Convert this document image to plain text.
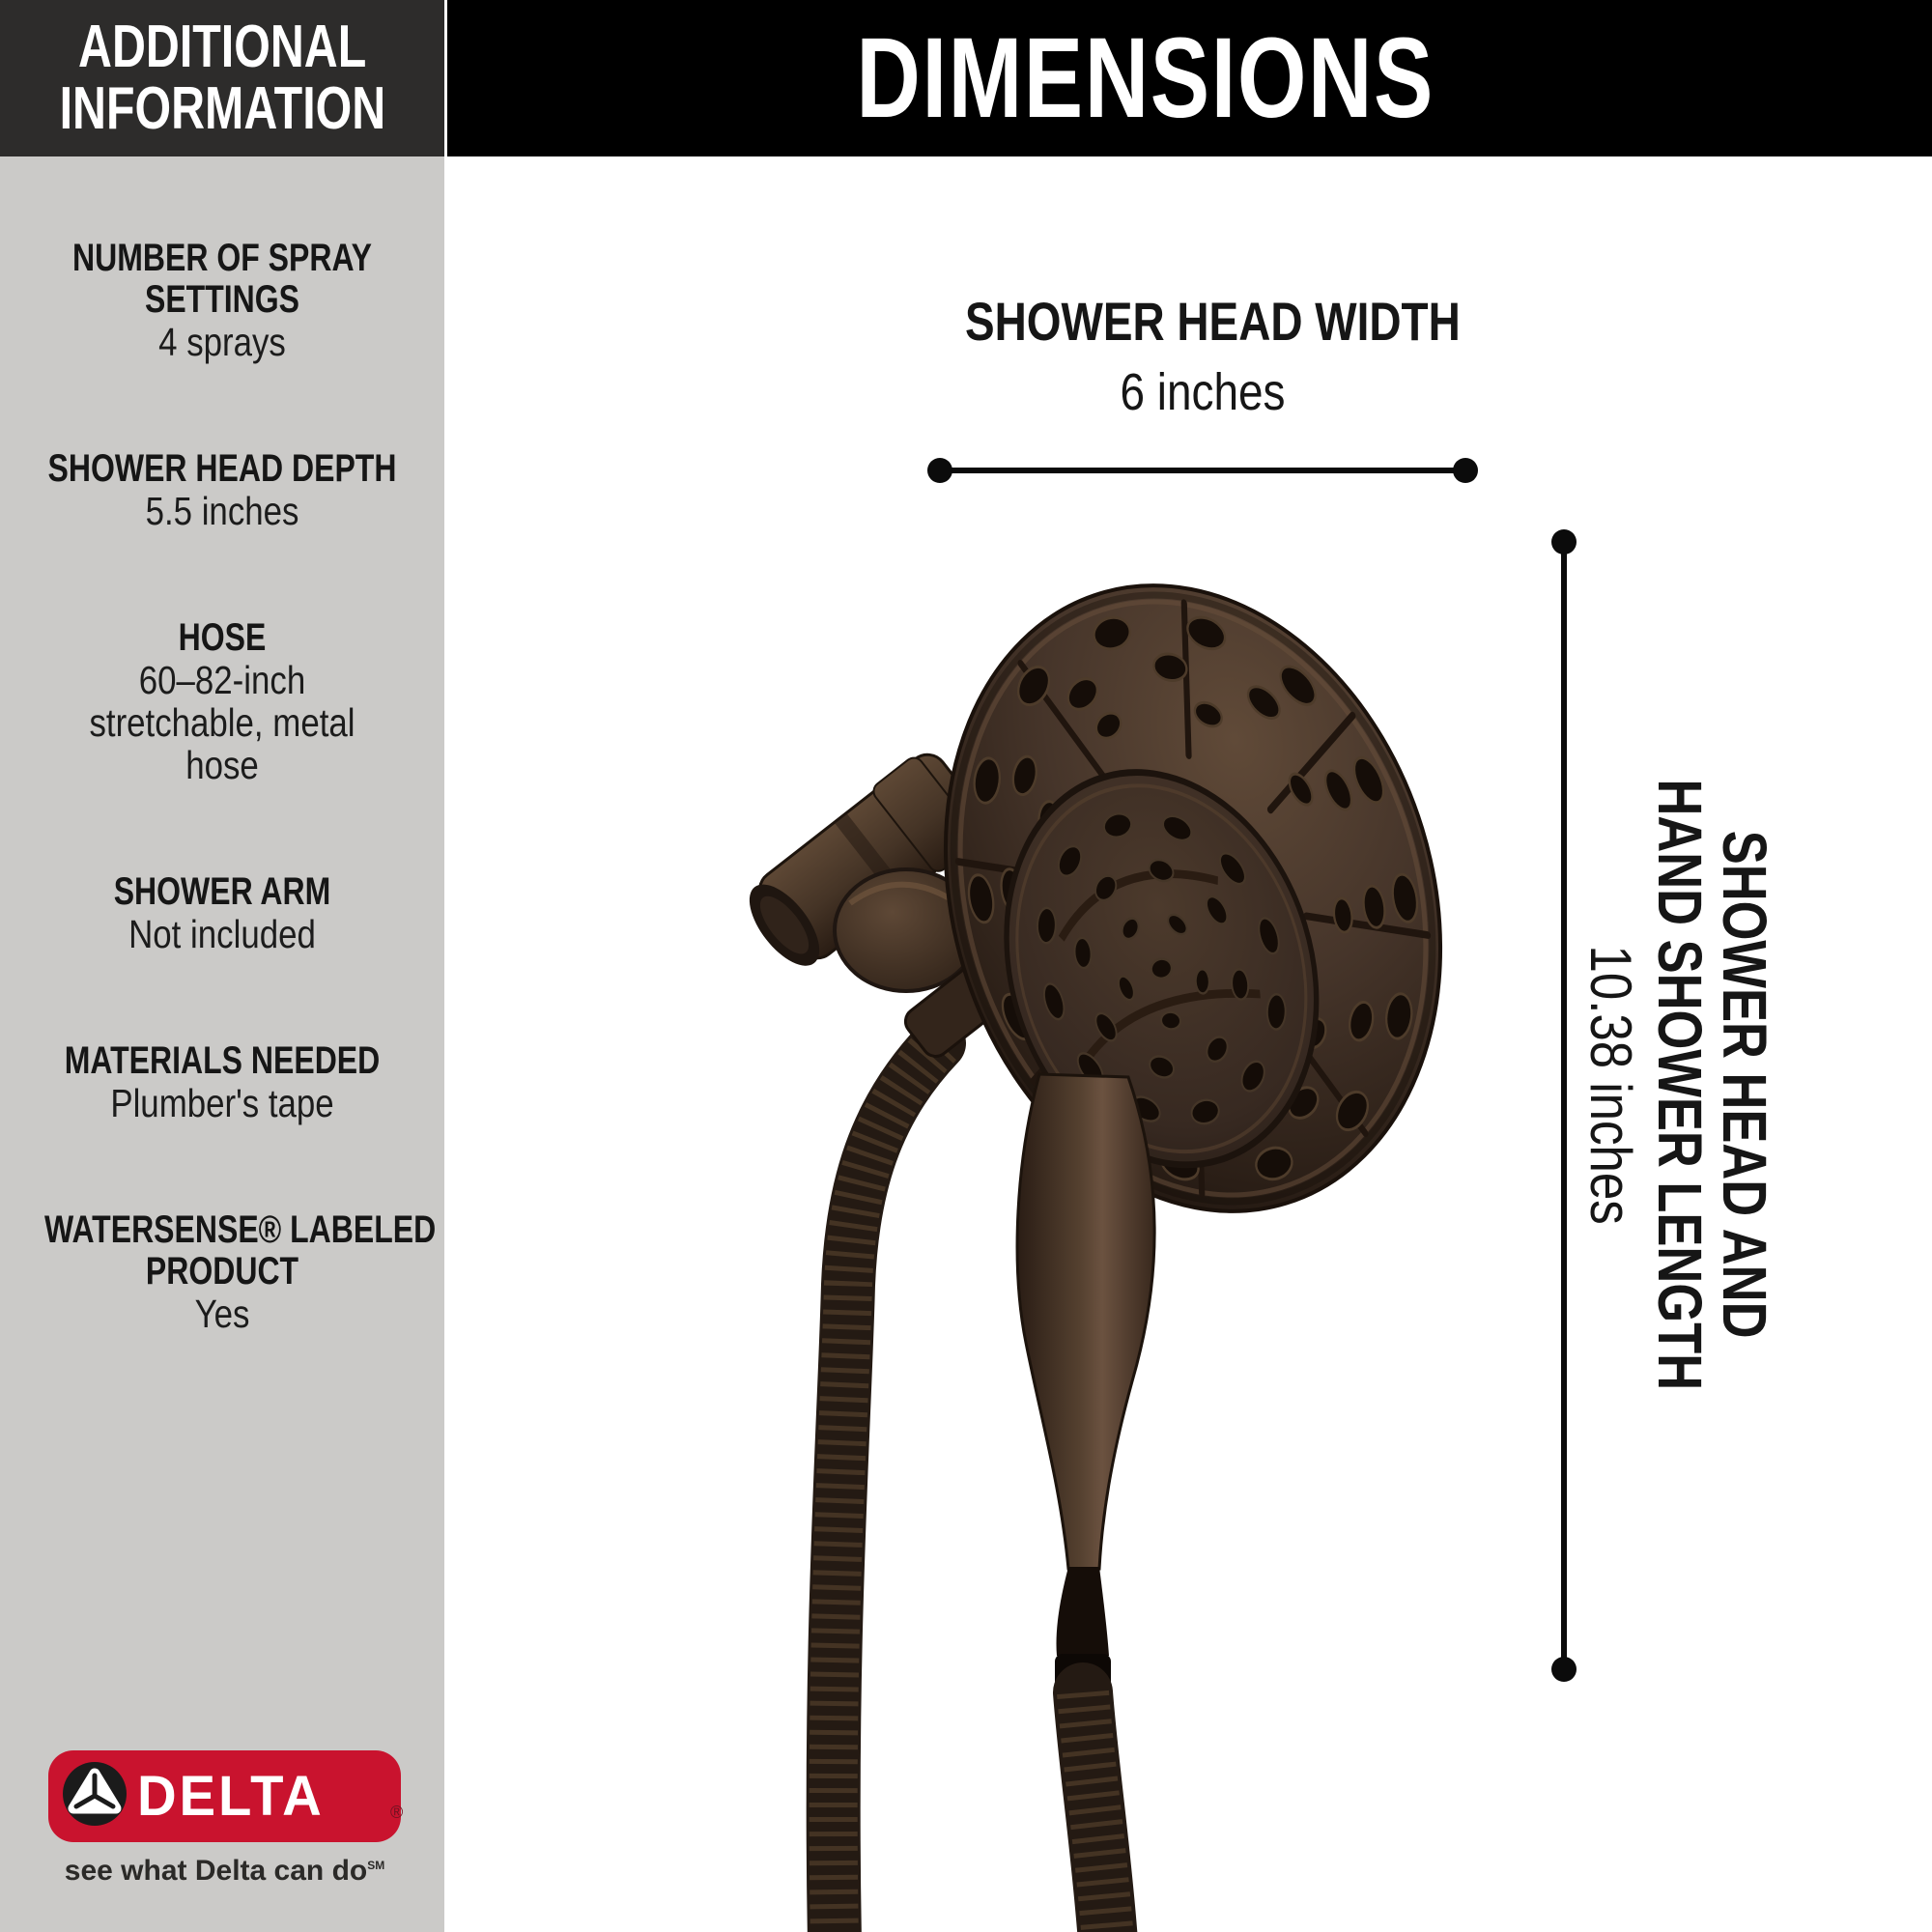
ADDITIONAL
INFORMATION
NUMBER OF SPRAY
SETTINGS
4 sprays
SHOWER HEAD DEPTH
5.5 inches
HOSE
60–82-inch
stretchable, metal
hose
SHOWER ARM
Not included
MATERIALS NEEDED
Plumber's tape
WATERSENSE® LABELED
PRODUCT
Yes
DELTA	®
see what Delta can do℠
DIMENSIONS
SHOWER HEAD WIDTH
6 inches
SHOWER HEAD AND
HAND SHOWER LENGTH
10.38 inches
